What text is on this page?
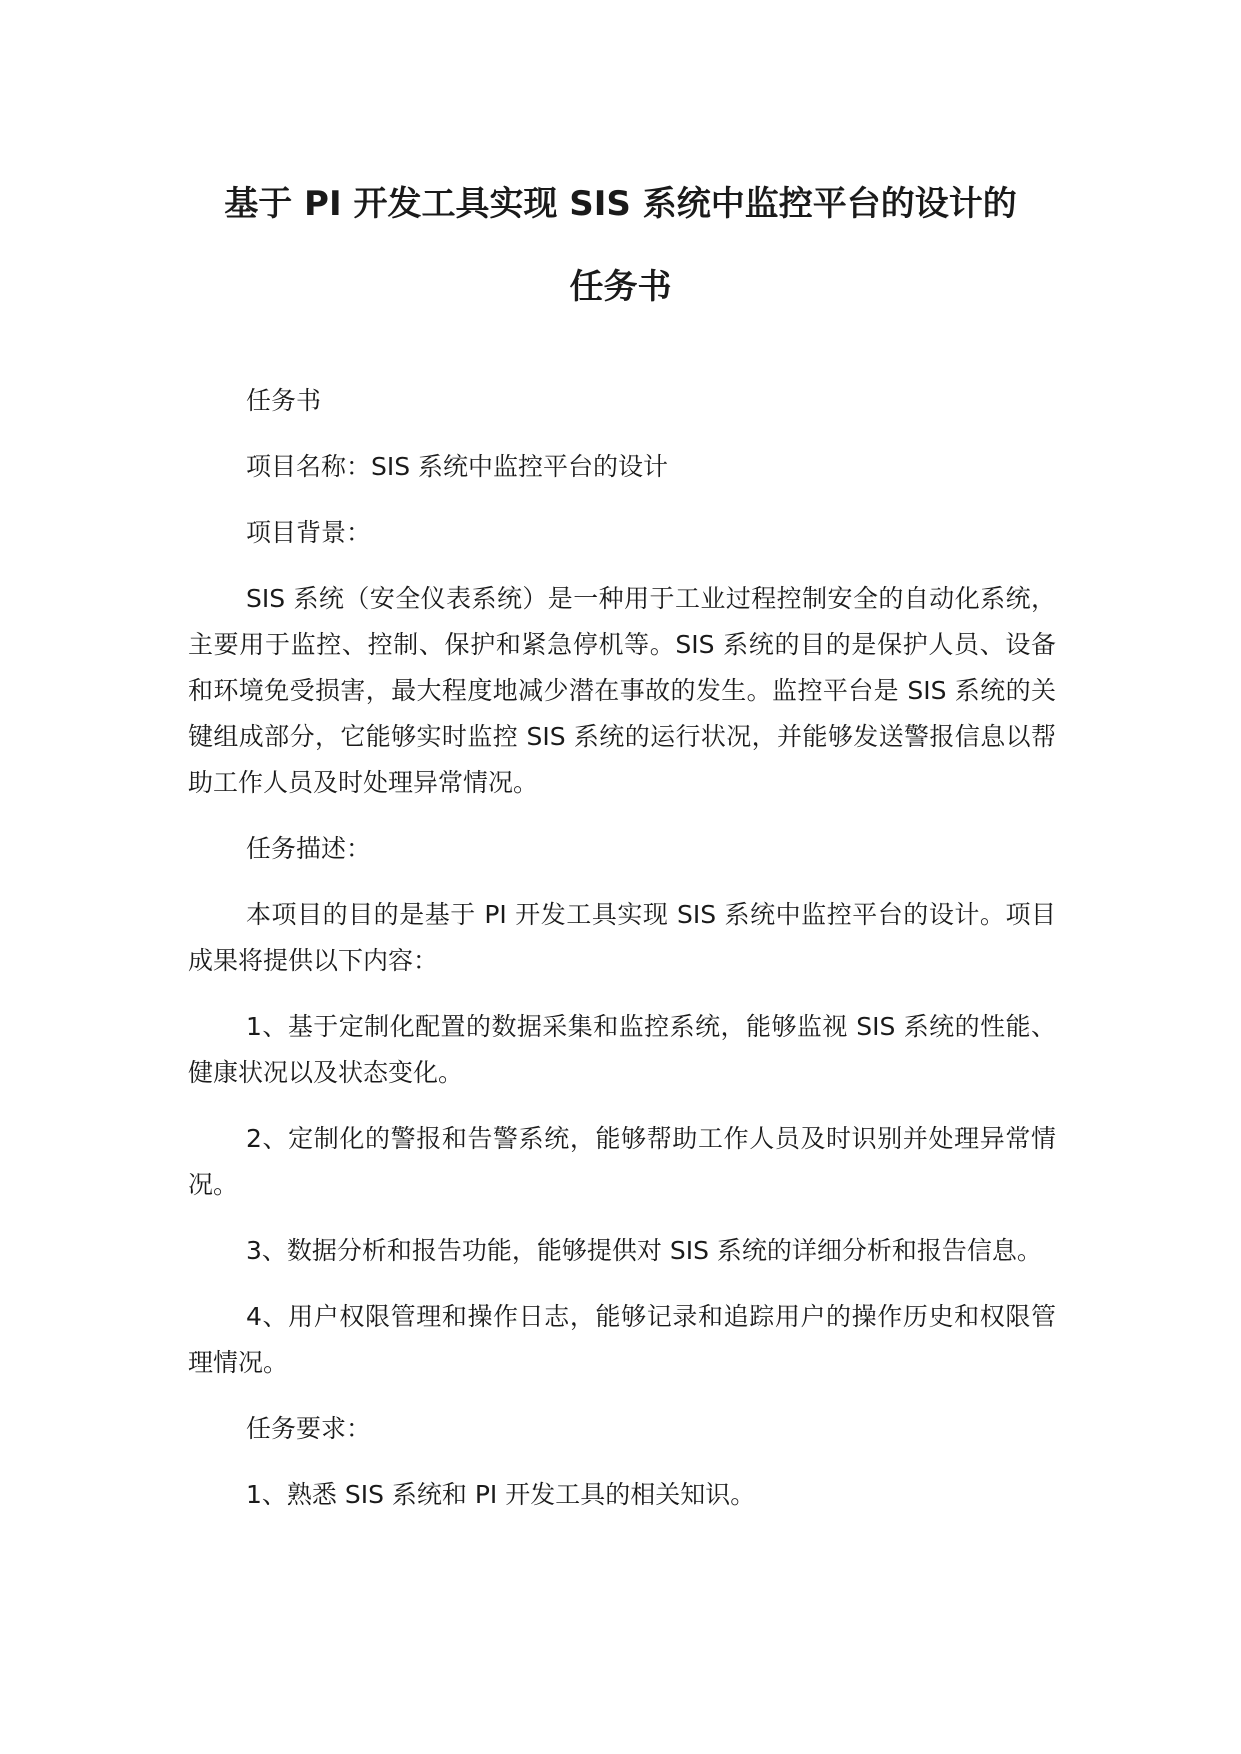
基于 PI 开发工具实现 SIS 系统中监控平台的设计的
任务书

任务书

项目名称：SIS 系统中监控平台的设计

项目背景：

SIS 系统（安全仪表系统）是一种用于工业过程控制安全的自动化系统，主要用于监控、控制、保护和紧急停机等。SIS 系统的目的是保护人员、设备和环境免受损害，最大程度地减少潜在事故的发生。监控平台是 SIS 系统的关键组成部分，它能够实时监控 SIS 系统的运行状况，并能够发送警报信息以帮助工作人员及时处理异常情况。

任务描述：

本项目的目的是基于 PI 开发工具实现 SIS 系统中监控平台的设计。项目成果将提供以下内容：

1、基于定制化配置的数据采集和监控系统，能够监视 SIS 系统的性能、健康状况以及状态变化。

2、定制化的警报和告警系统，能够帮助工作人员及时识别并处理异常情况。

3、数据分析和报告功能，能够提供对 SIS 系统的详细分析和报告信息。

4、用户权限管理和操作日志，能够记录和追踪用户的操作历史和权限管理情况。

任务要求：

1、熟悉 SIS 系统和 PI 开发工具的相关知识。
